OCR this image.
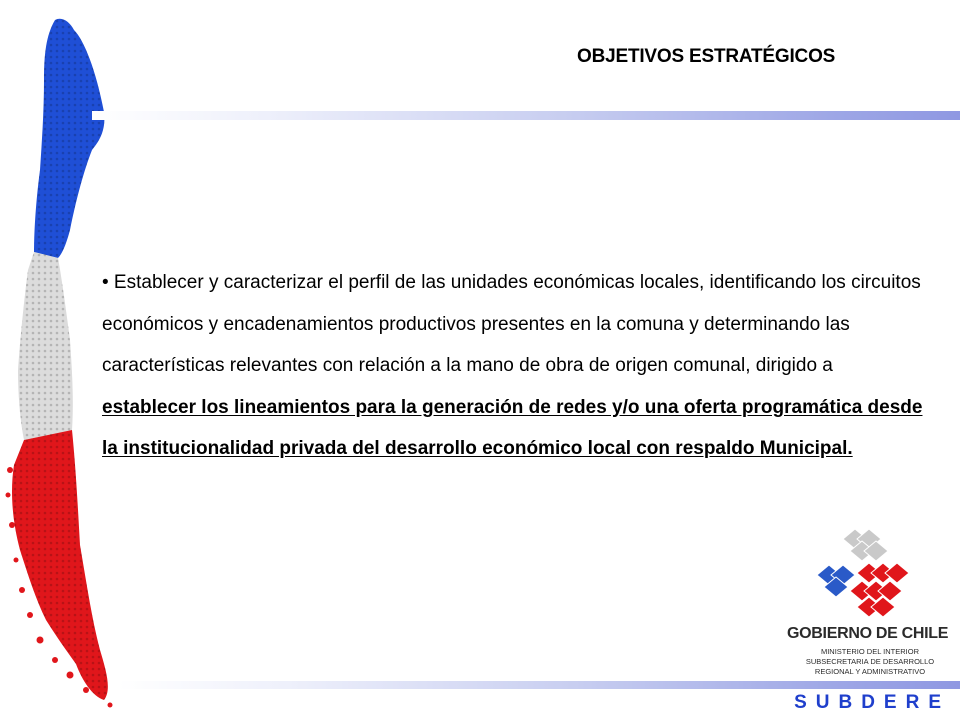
OBJETIVOS ESTRATÉGICOS

• Establecer y caracterizar el perfil de las unidades económicas locales, identificando los circuitos económicos y encadenamientos productivos presentes en la comuna y determinando las características relevantes con relación a la mano de obra de origen comunal, dirigido a establecer los lineamientos para la generación de redes y/o una oferta programática desde la institucionalidad privada del desarrollo económico local con respaldo Municipal.

GOBIERNO DE CHILE
MINISTERIO DEL INTERIOR
SUBSECRETARIA DE DESARROLLO
REGIONAL Y ADMINISTRATIVO
SUBDERE
